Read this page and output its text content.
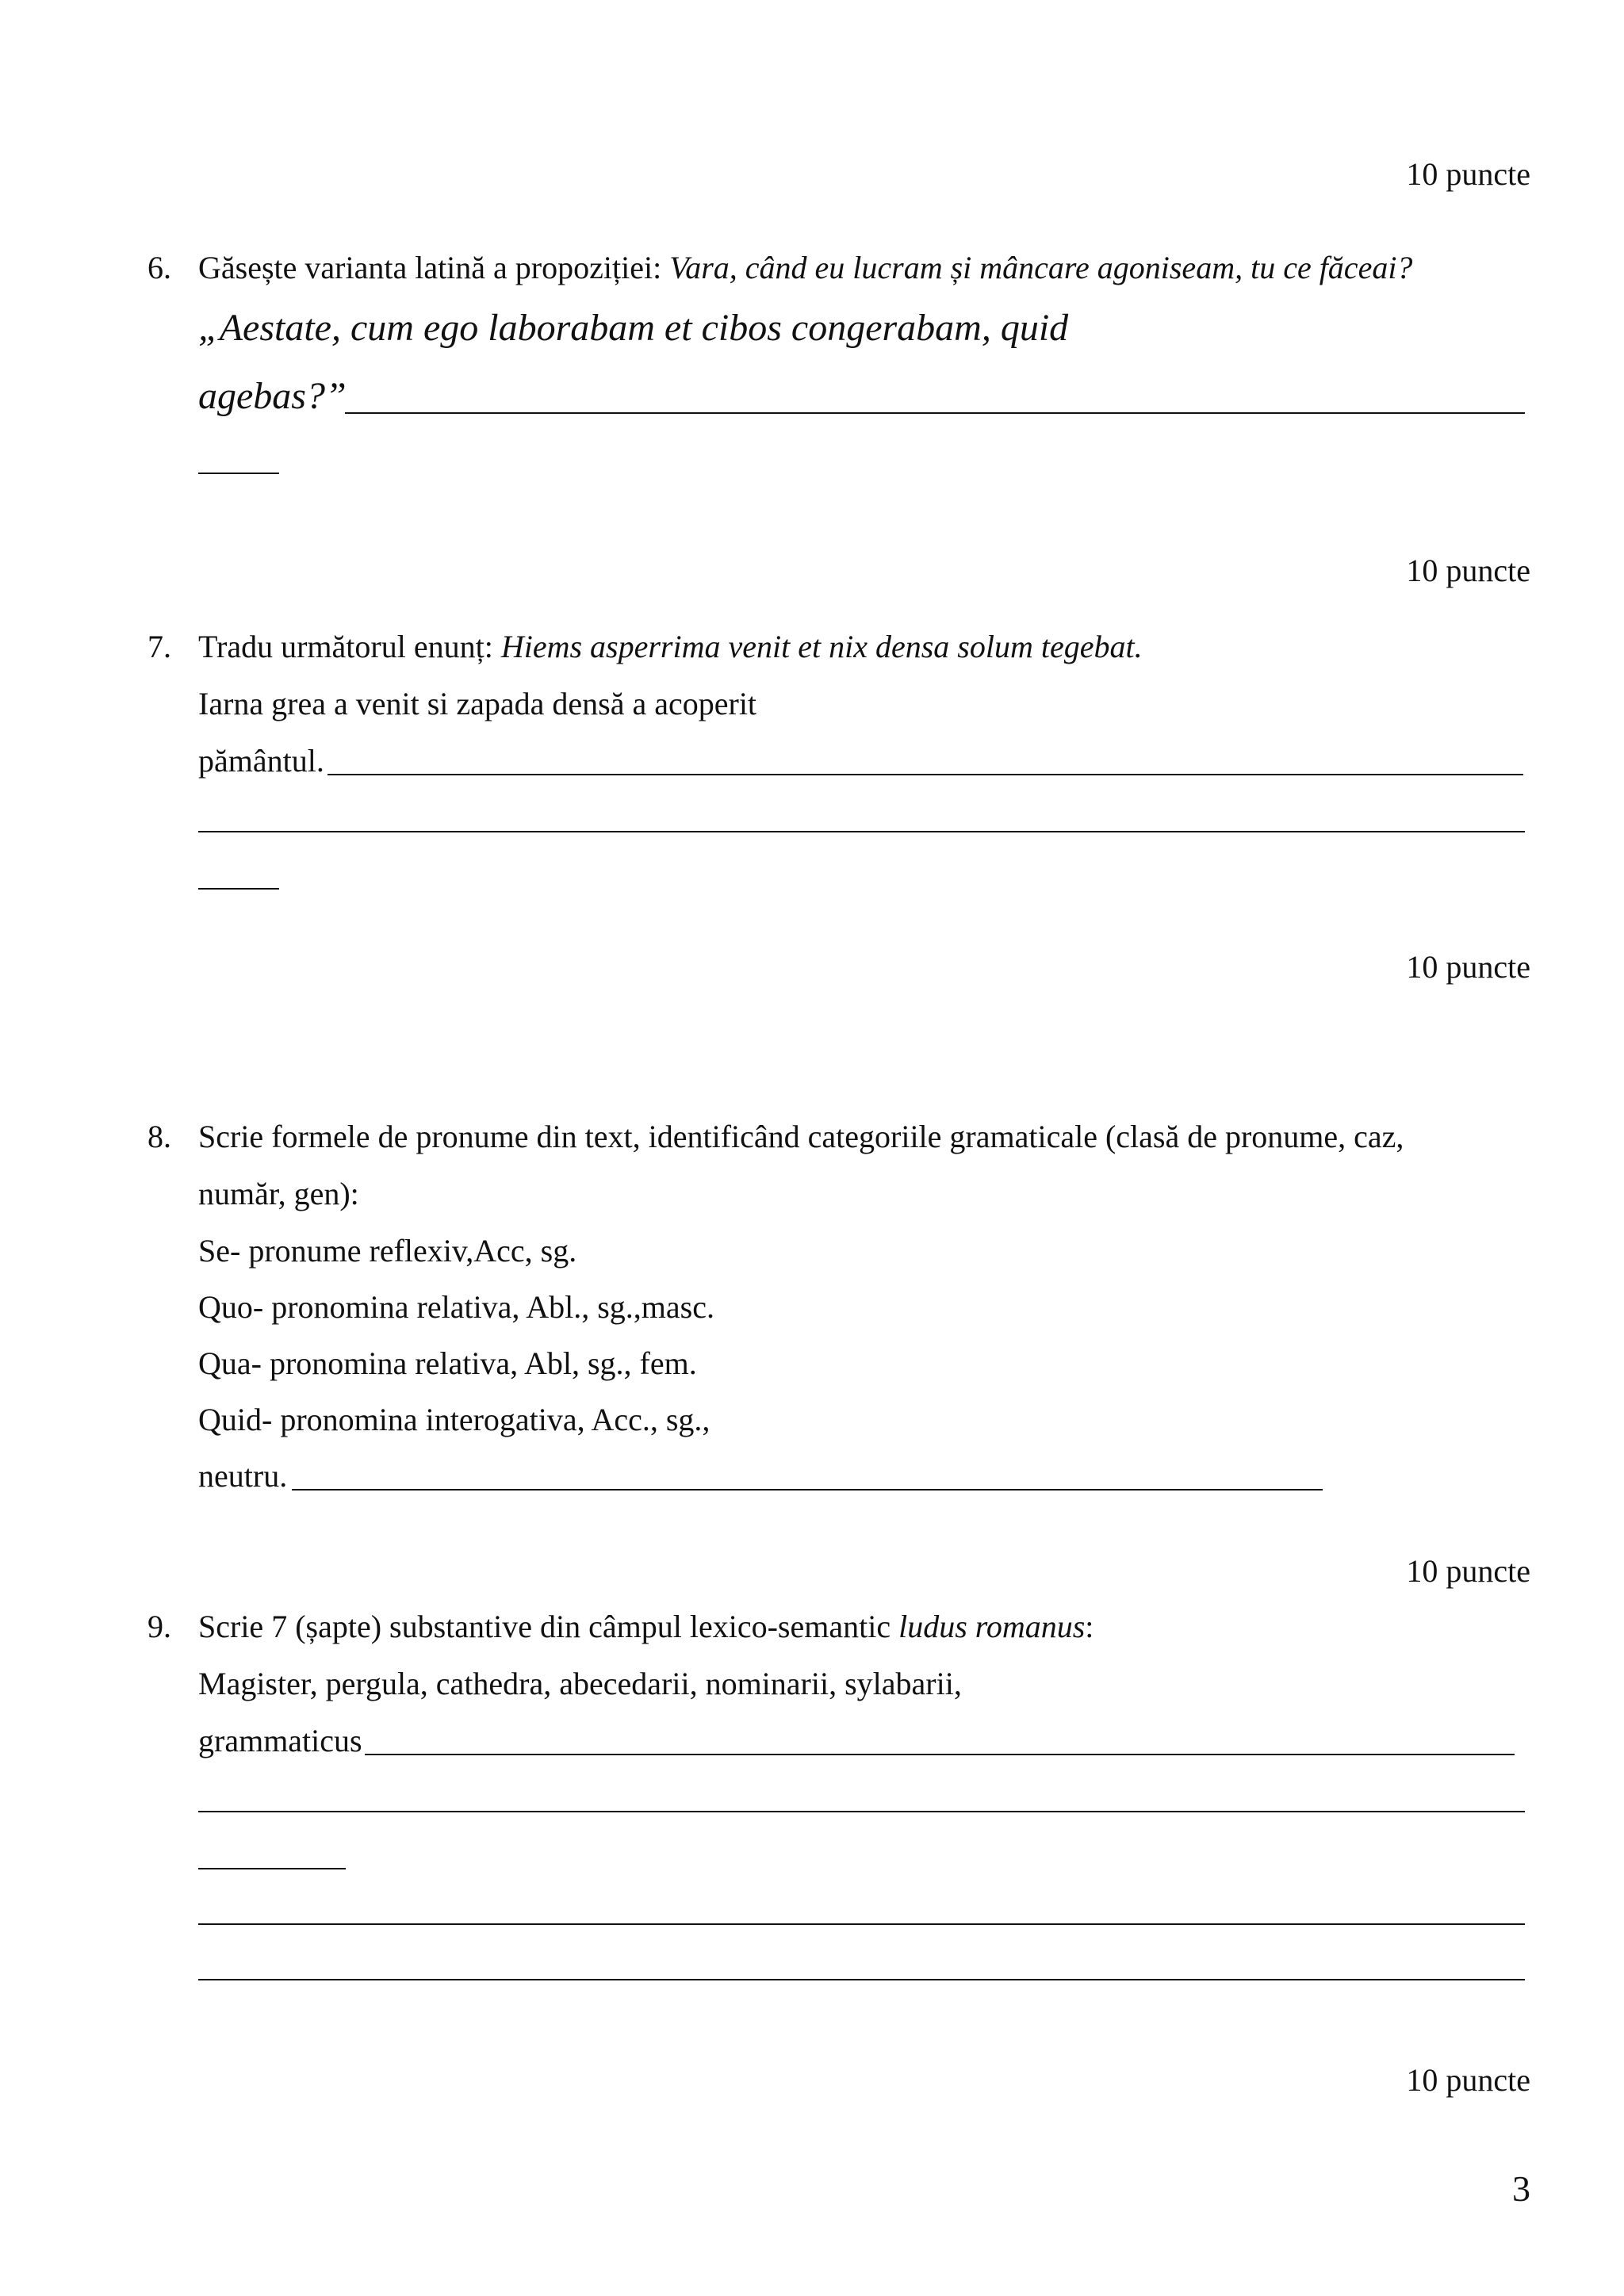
10 puncte
6. Găsește varianta latină a propoziției: Vara, când eu lucram și mâncare agoniseam, tu ce făceai?
„Aestate, cum ego laborabam et cibos congerabam, quid
agebas?”
10 puncte
7. Tradu următorul enunț: Hiems asperrima venit et nix densa solum tegebat.
Iarna grea a venit si zapada densă a acoperit
pământul.
10 puncte
8. Scrie formele de pronume din text, identificând categoriile gramaticale (clasă de pronume, caz,
număr, gen):
Se- pronume reflexiv,Acc, sg.
Quo- pronomina relativa, Abl., sg.,masc.
Qua- pronomina relativa, Abl, sg., fem.
Quid- pronomina interogativa, Acc., sg.,
neutru.
10 puncte
9. Scrie 7 (șapte) substantive din câmpul lexico-semantic ludus romanus:
Magister, pergula, cathedra, abecedarii, nominarii, sylabarii,
grammaticus
10 puncte
3
